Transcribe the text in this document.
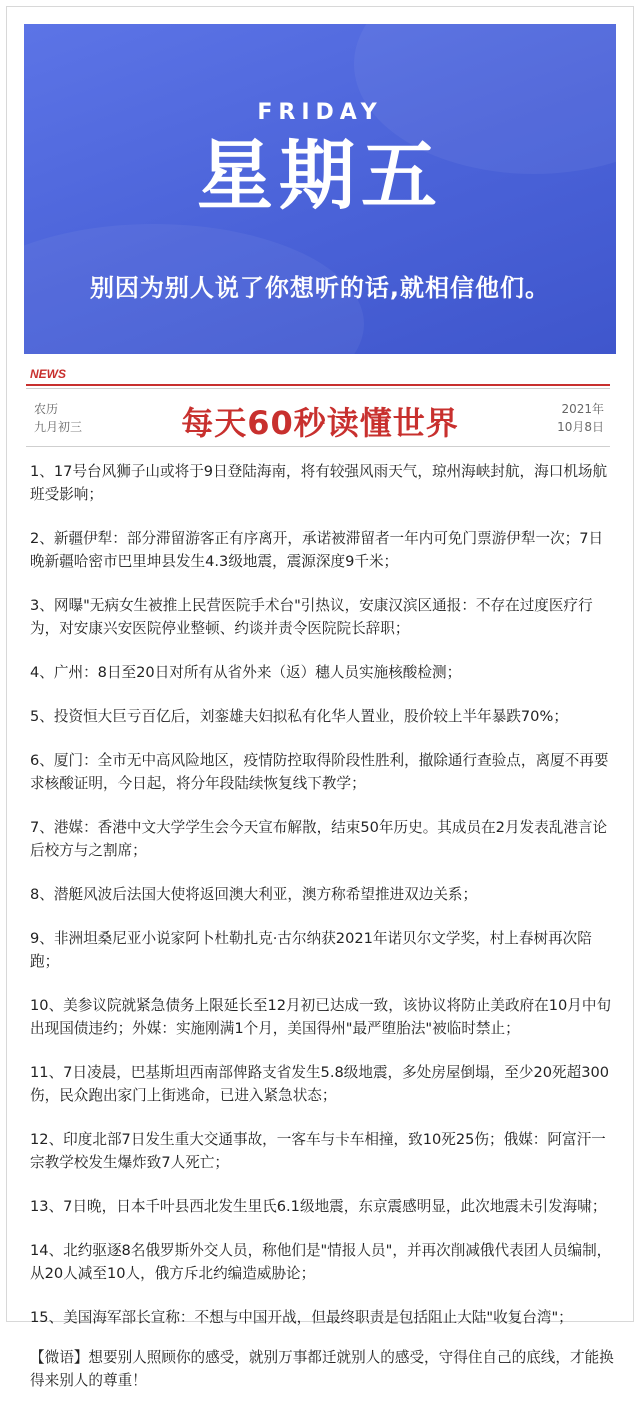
FRIDAY
星期五
别因为别人说了你想听的话,就相信他们。
NEWS
农历
九月初三	每天60秒读懂世界	2021年
10月8日

1、17号台风狮子山或将于9日登陆海南，将有较强风雨天气，琼州海峡封航，海口机场航班受影响；

2、新疆伊犁：部分滞留游客正有序离开，承诺被滞留者一年内可免门票游伊犁一次；7日晚新疆哈密市巴里坤县发生4.3级地震，震源深度9千米；

3、网曝"无病女生被推上民营医院手术台"引热议，安康汉滨区通报：不存在过度医疗行为，对安康兴安医院停业整顿、约谈并责令医院院长辞职；

4、广州：8日至20日对所有从省外来（返）穗人员实施核酸检测；

5、投资恒大巨亏百亿后，刘銮雄夫妇拟私有化华人置业，股价较上半年暴跌70%；

6、厦门：全市无中高风险地区，疫情防控取得阶段性胜利，撤除通行查验点，离厦不再要求核酸证明，今日起，将分年段陆续恢复线下教学；

7、港媒：香港中文大学学生会今天宣布解散，结束50年历史。其成员在2月发表乱港言论后校方与之割席；

8、潜艇风波后法国大使将返回澳大利亚，澳方称希望推进双边关系；

9、非洲坦桑尼亚小说家阿卜杜勒扎克·古尔纳获2021年诺贝尔文学奖，村上春树再次陪跑；

10、美参议院就紧急债务上限延长至12月初已达成一致，该协议将防止美政府在10月中旬出现国债违约；外媒：实施刚满1个月，美国得州"最严堕胎法"被临时禁止；

11、7日凌晨，巴基斯坦西南部俾路支省发生5.8级地震，多处房屋倒塌，至少20死超300伤，民众跑出家门上街逃命，已进入紧急状态；

12、印度北部7日发生重大交通事故，一客车与卡车相撞，致10死25伤；俄媒：阿富汗一宗教学校发生爆炸致7人死亡；

13、7日晚，日本千叶县西北发生里氏6.1级地震，东京震感明显，此次地震未引发海啸；

14、北约驱逐8名俄罗斯外交人员，称他们是"情报人员"，并再次削减俄代表团人员编制，从20人减至10人，俄方斥北约编造威胁论；

15、美国海军部长宣称：不想与中国开战，但最终职责是包括阻止大陆"收复台湾"；

【微语】想要别人照顾你的感受，就别万事都迁就别人的感受，守得住自己的底线，才能换得来别人的尊重！
